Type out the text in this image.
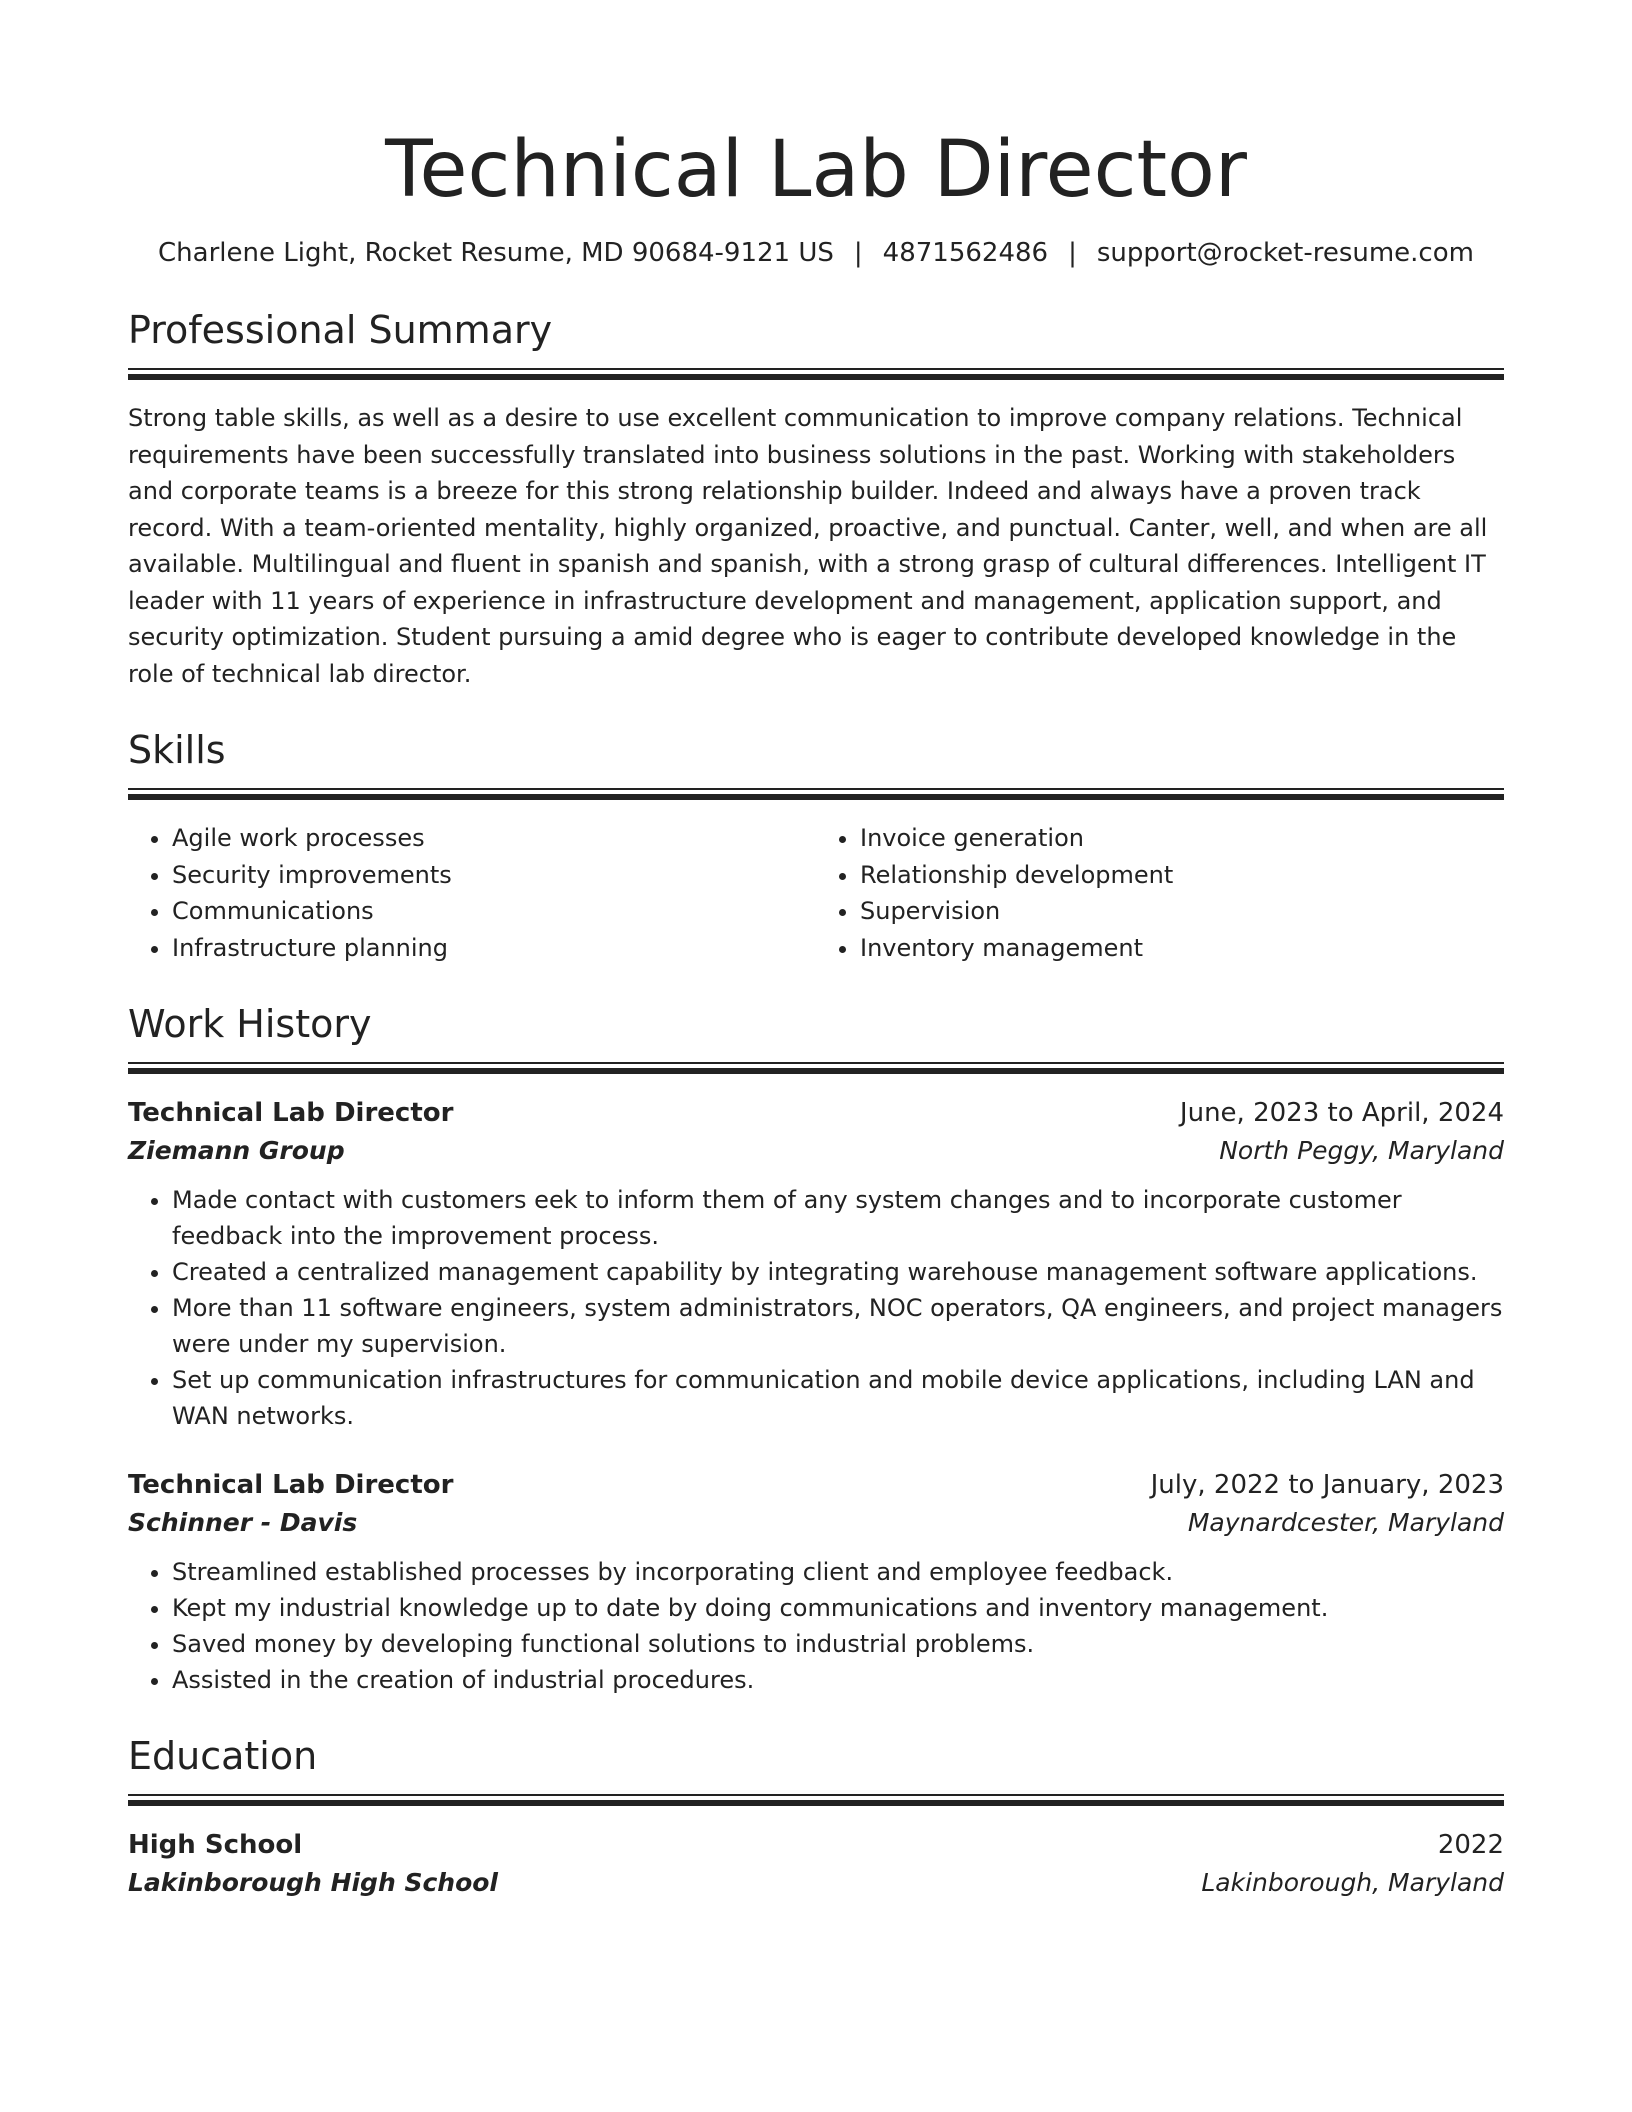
Technical Lab Director
Charlene Light, Rocket Resume, MD 90684-9121 US | 4871562486 | support@rocket-resume.com
Professional Summary
Strong table skills, as well as a desire to use excellent communication to improve company relations. Technical requirements have been successfully translated into business solutions in the past. Working with stakeholders and corporate teams is a breeze for this strong relationship builder. Indeed and always have a proven track record. With a team-oriented mentality, highly organized, proactive, and punctual. Canter, well, and when are all available. Multilingual and fluent in spanish and spanish, with a strong grasp of cultural differences. Intelligent IT leader with 11 years of experience in infrastructure development and management, application support, and security optimization. Student pursuing a amid degree who is eager to contribute developed knowledge in the role of technical lab director.
Skills
• Agile work processes
• Security improvements
• Communications
• Infrastructure planning
• Invoice generation
• Relationship development
• Supervision
• Inventory management
Work History
Technical Lab Director	June, 2023 to April, 2024
Ziemann Group	North Peggy, Maryland
• Made contact with customers eek to inform them of any system changes and to incorporate customer feedback into the improvement process.
• Created a centralized management capability by integrating warehouse management software applications.
• More than 11 software engineers, system administrators, NOC operators, QA engineers, and project managers were under my supervision.
• Set up communication infrastructures for communication and mobile device applications, including LAN and WAN networks.
Technical Lab Director	July, 2022 to January, 2023
Schinner - Davis	Maynardcester, Maryland
• Streamlined established processes by incorporating client and employee feedback.
• Kept my industrial knowledge up to date by doing communications and inventory management.
• Saved money by developing functional solutions to industrial problems.
• Assisted in the creation of industrial procedures.
Education
High School	2022
Lakinborough High School	Lakinborough, Maryland
